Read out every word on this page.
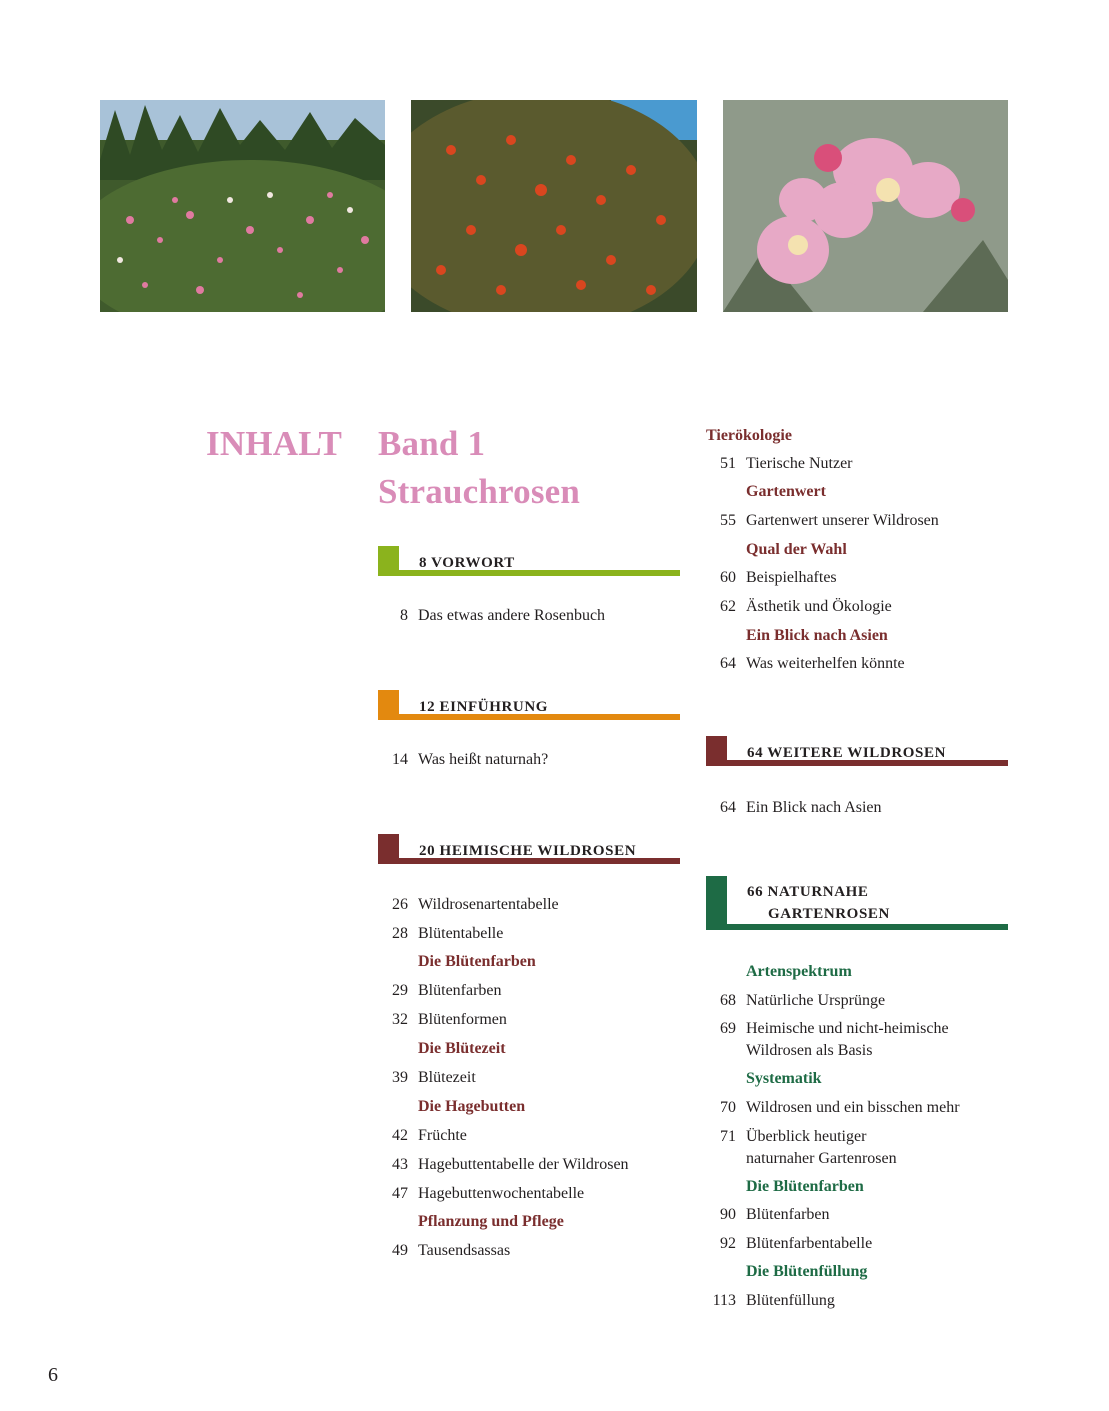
INHALT Band 1
Strauchrosen
8 VORWORT
8 Das etwas andere Rosenbuch
12 EINFÜHRUNG
14 Was heißt naturnah?
20 HEIMISCHE WILDROSEN
26 Wildrosenartentabelle
28 Blütentabelle
Die Blütenfarben
29 Blütenfarben
32 Blütenformen
Die Blütezeit
39 Blütezeit
Die Hagebutten
42 Früchte
43 Hagebuttentabelle der Wildrosen
47 Hagebuttenwochentabelle
Pflanzung und Pflege
49 Tausendsassas
Tierökologie
51 Tierische Nutzer
Gartenwert
55 Gartenwert unserer Wildrosen
Qual der Wahl
60 Beispielhaftes
62 Ästhetik und Ökologie
Ein Blick nach Asien
64 Was weiterhelfen könnte
64 WEITERE WILDROSEN
64 Ein Blick nach Asien
66 NATURNAHE
GARTENROSEN
Artenspektrum
68 Natürliche Ursprünge
69 Heimische und nicht-heimische
Wildrosen als Basis
Systematik
70 Wildrosen und ein bisschen mehr
71 Überblick heutiger
naturnaher Gartenrosen
Die Blütenfarben
90 Blütenfarben
92 Blütenfarbentabelle
Die Blütenfüllung
113 Blütenfüllung
6
